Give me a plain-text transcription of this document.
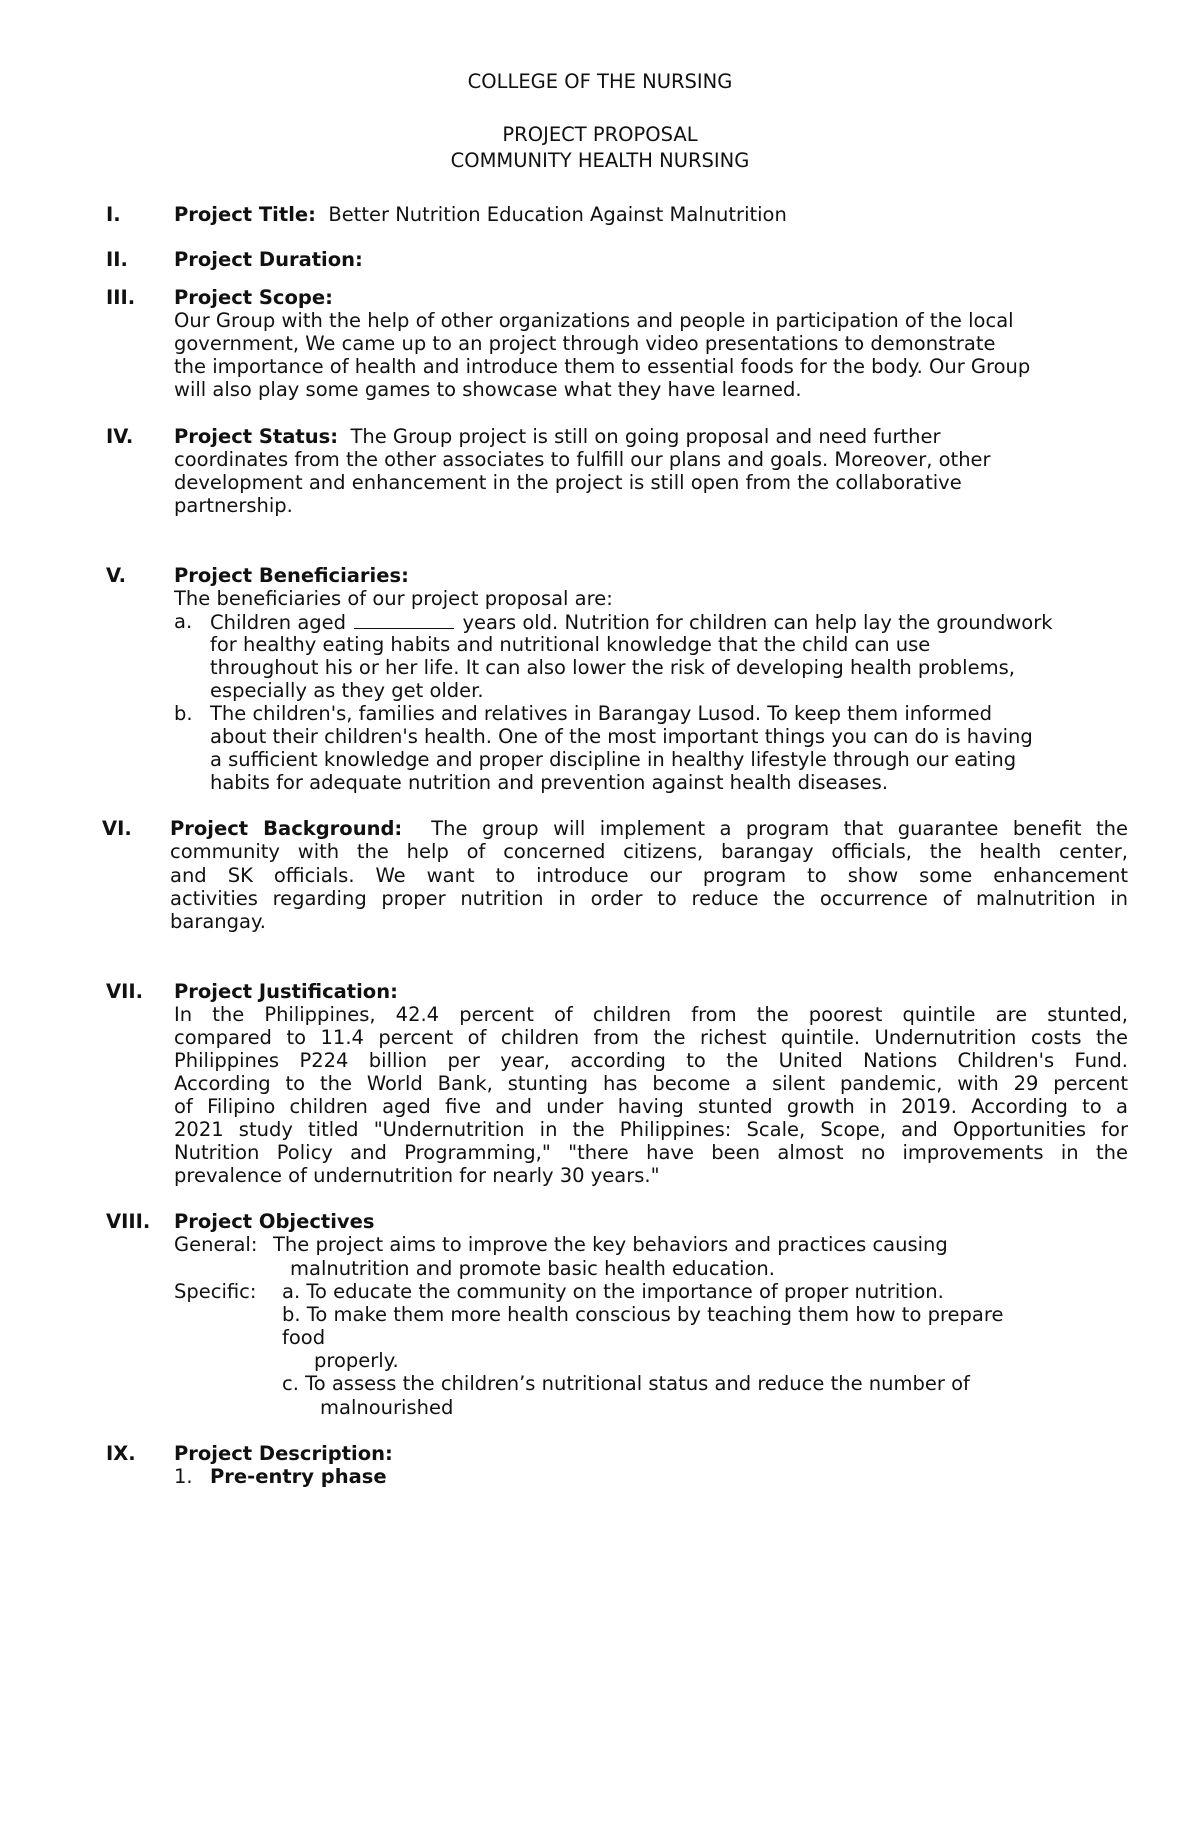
COLLEGE OF THE NURSING
PROJECT PROPOSAL
COMMUNITY HEALTH NURSING
I.	Project Title: Better Nutrition Education Against Malnutrition
II. Project Duration:
III. Project Scope:
Our Group with the help of other organizations and people in participation of the local
government, We came up to an project through video presentations to demonstrate
the importance of health and introduce them to essential foods for the body. Our Group
will also play some games to showcase what they have learned.
IV. Project Status: The Group project is still on going proposal and need further
coordinates from the other associates to fulfill our plans and goals. Moreover, other
development and enhancement in the project is still open from the collaborative
partnership.
V. Project Beneficiaries:
The beneficiaries of our project proposal are:
a. Children aged	years old. Nutrition for children can help lay the groundwork
for healthy eating habits and nutritional knowledge that the child can use
throughout his or her life. It can also lower the risk of developing health problems,
especially as they get older.
b. The children's, families and relatives in Barangay Lusod. To keep them informed
about their children's health. One of the most important things you can do is having
a sufficient knowledge and proper discipline in healthy lifestyle through our eating
habits for adequate nutrition and prevention against health diseases.
VI. Project Background: The group will implement a program that guarantee benefit the
community with the help of concerned citizens, barangay officials, the health center,
and SK officials. We want to introduce our program to show some enhancement
activities regarding proper nutrition in order to reduce the occurrence of malnutrition in
barangay.
VII. Project Justification:
In the Philippines, 42.4 percent of children from the poorest quintile are stunted,
compared to 11.4 percent of children from the richest quintile. Undernutrition costs the
Philippines P224 billion per year, according to the United Nations Children's Fund.
According to the World Bank, stunting has become a silent pandemic, with 29 percent
of Filipino children aged five and under having stunted growth in 2019. According to a
2021 study titled "Undernutrition in the Philippines: Scale, Scope, and Opportunities for
Nutrition Policy and Programming," "there have been almost no improvements in the
prevalence of undernutrition for nearly 30 years."
VIII. Project Objectives
General: The project aims to improve the key behaviors and practices causing
malnutrition and promote basic health education.
Specific: a. To educate the community on the importance of proper nutrition.
b. To make them more health conscious by teaching them how to prepare
food
properly.
c. To assess the children’s nutritional status and reduce the number of
malnourished
IX. Project Description:
1. Pre-entry phase
